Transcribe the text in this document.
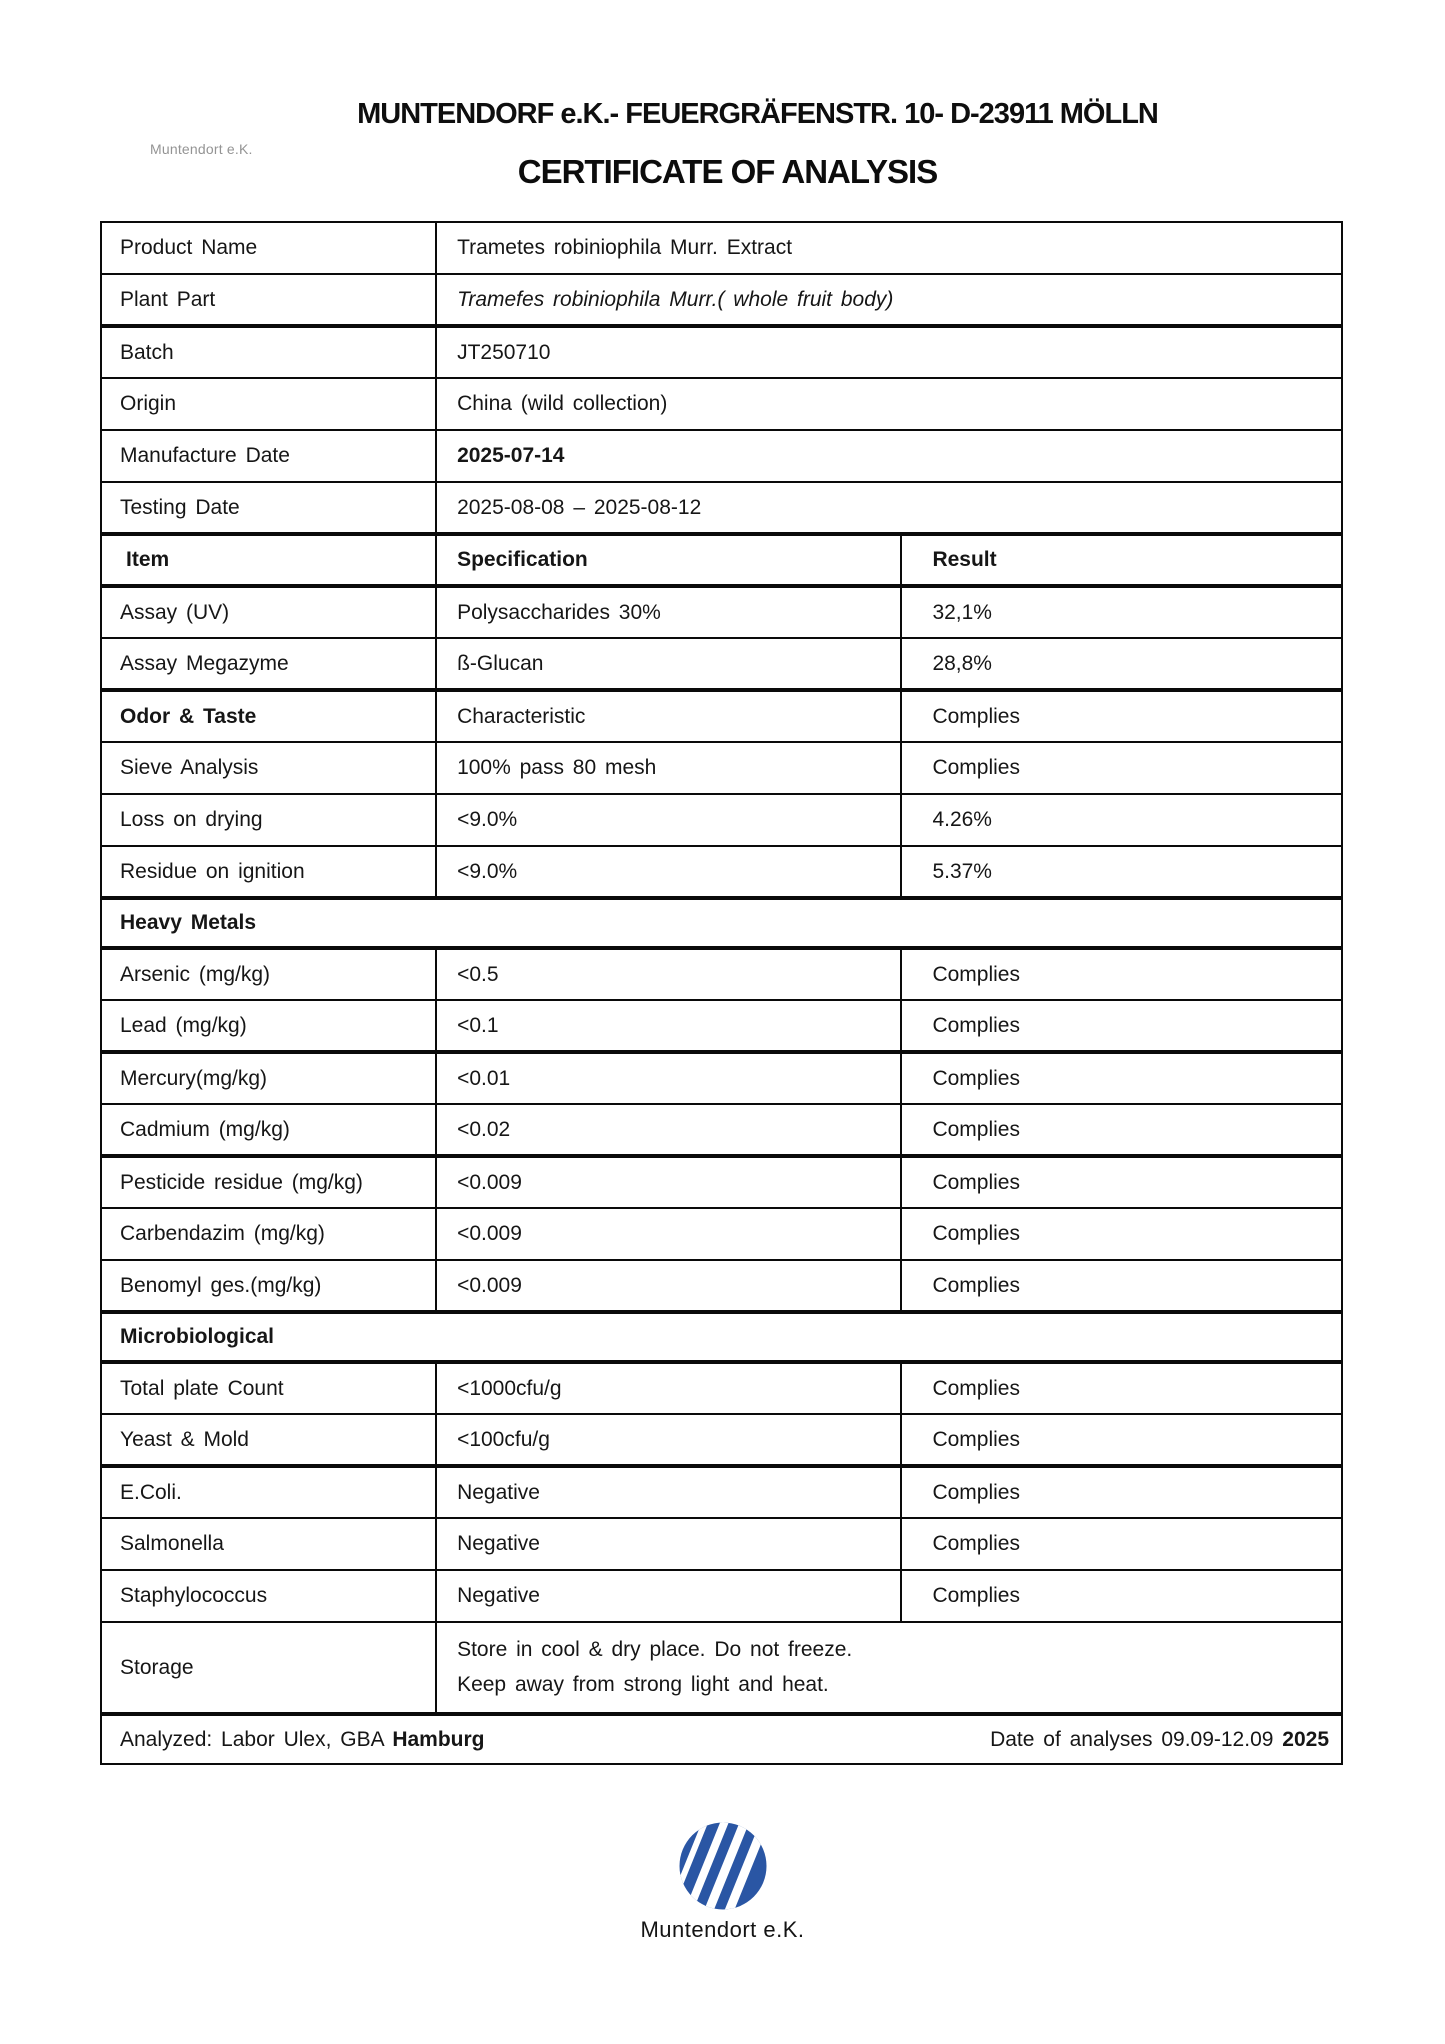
MUNTENDORF e.K.- FEUERGRÄFENSTR. 10- D-23911 MÖLLN
Muntendort e.K.
CERTIFICATE OF ANALYSIS
Product Name	Trametes robiniophila Murr. Extract	
Plant Part	Tramefes robiniophila Murr.( whole fruit body)	
Batch	JT250710	
Origin	China (wild collection)	
Manufacture Date	2025-07-14	
Testing Date	2025-08-08 – 2025-08-12	
Item	Specification	Result
Assay (UV)	Polysaccharides 30%	32,1%
Assay Megazyme	ß-Glucan	28,8%
Odor & Taste	Characteristic	Complies
Sieve Analysis	100% pass 80 mesh	Complies
Loss on drying	<9.0%	4.26%
Residue on ignition	<9.0%	5.37%
Heavy Metals		
Arsenic (mg/kg)	<0.5	Complies
Lead (mg/kg)	<0.1	Complies
Mercury(mg/kg)	<0.01	Complies
Cadmium (mg/kg)	<0.02	Complies
Pesticide residue (mg/kg)	<0.009	Complies
Carbendazim (mg/kg)	<0.009	Complies
Benomyl ges.(mg/kg)	<0.009	Complies
Microbiological		
Total plate Count	<1000cfu/g	Complies
Yeast & Mold	<100cfu/g	Complies
E.Coli.	Negative	Complies
Salmonella	Negative	Complies
Staphylococcus	Negative	Complies
Storage	Store in cool & dry place. Do not freeze.
Keep away from strong light and heat.	

Analyzed: Labor Ulex, GBA Hamburg Date of analyses 09.09-12.09 2025		
Muntendort e.K.
